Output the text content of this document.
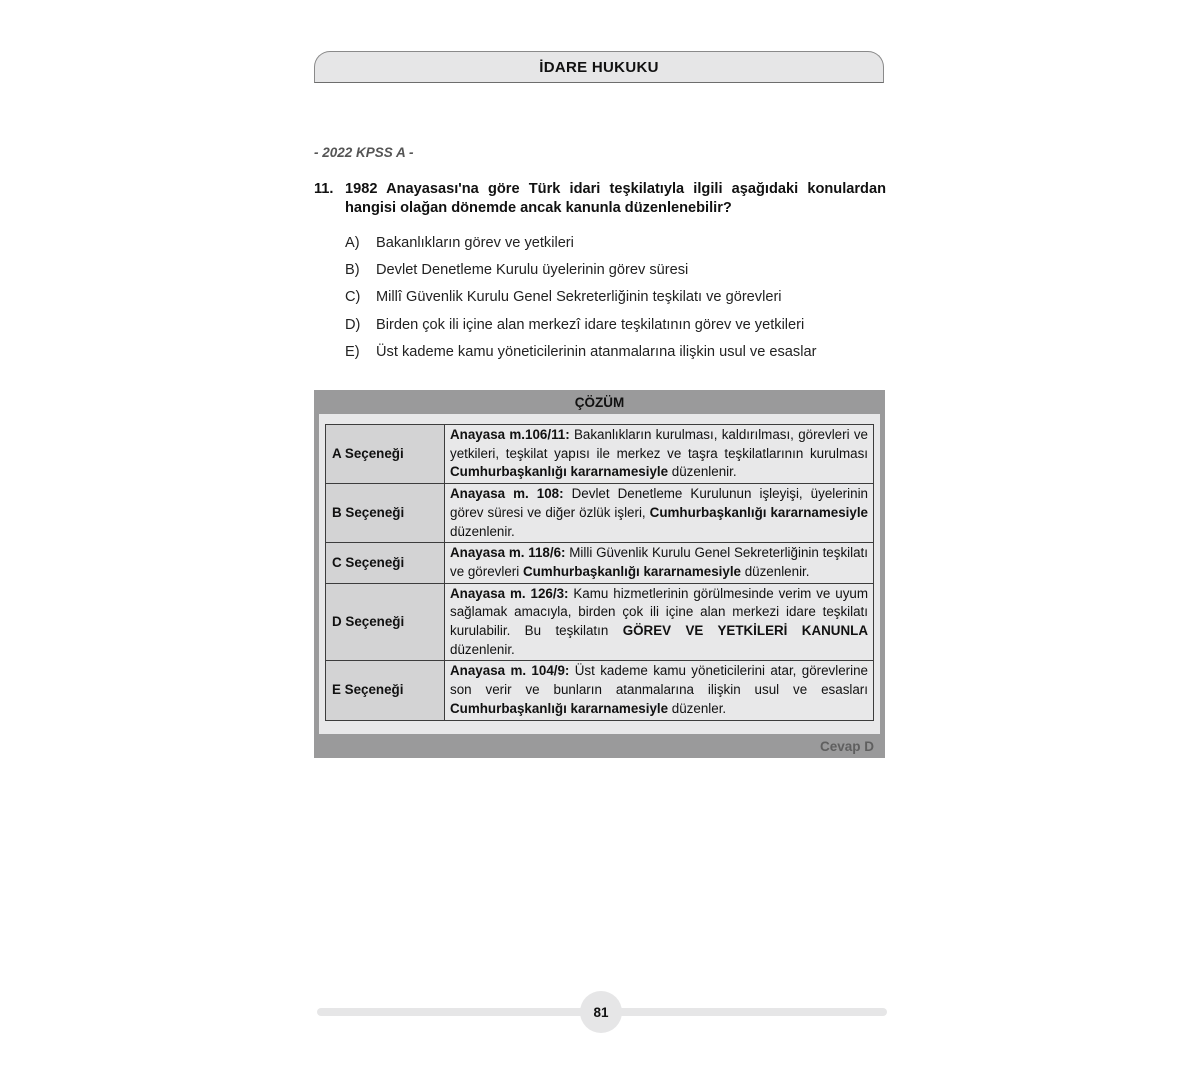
İDARE HUKUKU
- 2022 KPSS A -
11. 1982 Anayasası'na göre Türk idari teşkilatıyla ilgili aşağıdaki konulardan hangisi olağan dönemde ancak kanunla düzenlenebilir?
A)	Bakanlıkların görev ve yetkileri
B)	Devlet Denetleme Kurulu üyelerinin görev süresi
C)	Millî Güvenlik Kurulu Genel Sekreterliğinin teşkilatı ve görevleri
D)	Birden çok ili içine alan merkezî idare teşkilatının görev ve yetkileri
E)	Üst kademe kamu yöneticilerinin atanmalarına ilişkin usul ve esaslar
ÇÖZÜM
A Seçeneği	Anayasa m.106/11: Bakanlıkların kurulması, kaldırılması, görevleri ve yetkileri, teşkilat yapısı ile merkez ve taşra teşkilatlarının kurulması Cumhurbaşkanlığı kararnamesiyle düzenlenir.
B Seçeneği	Anayasa m. 108: Devlet Denetleme Kurulunun işleyişi, üyelerinin görev süresi ve diğer özlük işleri, Cumhurbaşkanlığı kararnamesiyle düzenlenir.
C Seçeneği	Anayasa m. 118/6: Milli Güvenlik Kurulu Genel Sekreterliğinin teşkilatı ve görevleri Cumhurbaşkanlığı kararnamesiyle düzenlenir.
D Seçeneği	Anayasa m. 126/3: Kamu hizmetlerinin görülmesinde verim ve uyum sağlamak amacıyla, birden çok ili içine alan merkezi idare teşkilatı kurulabilir. Bu teşkilatın GÖREV VE YETKİLERİ KANUNLA düzenlenir.
E Seçeneği	Anayasa m. 104/9: Üst kademe kamu yöneticilerini atar, görevlerine son verir ve bunların atanmalarına ilişkin usul ve esasları Cumhurbaşkanlığı kararnamesiyle düzenler.
Cevap D
81
